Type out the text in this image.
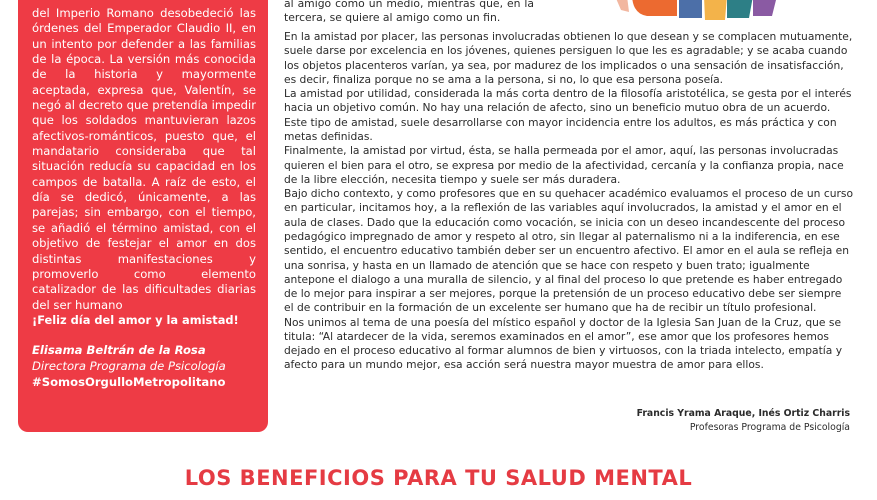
del Imperio Romano desobedeció las órdenes del Emperador Claudio II, en un intento por defender a las familias de la época. La versión más conocida de la historia y mayormente aceptada, expresa que, Valentín, se negó al decreto que pretendía impedir que los soldados mantuvieran lazos afectivos-románticos, puesto que, el mandatario consideraba que tal situación reducía su capacidad en los campos de batalla. A raíz de esto, el día se dedicó, únicamente, a las parejas; sin embargo, con el tiempo, se añadió el término amistad, con el objetivo de festejar el amor en dos distintas manifestaciones y promoverlo como elemento catalizador de las dificultades diarias del ser humano

¡Feliz día del amor y la amistad!

Elisama Beltrán de la Rosa
Directora Programa de Psicología
#SomosOrgulloMetropolitano
al amigo como un medio, mientras que, en la
tercera, se quiere al amigo como un fin.

En la amistad por placer, las personas involucradas obtienen lo que desean y se complacen mutuamente, suele darse por excelencia en los jóvenes, quienes persiguen lo que les es agradable; y se acaba cuando los objetos placenteros varían, ya sea, por madurez de los implicados o una sensación de insatisfacción, es decir, finaliza porque no se ama a la persona, si no, lo que esa persona poseía.

La amistad por utilidad, considerada la más corta dentro de la filosofía aristotélica, se gesta por el interés hacia un objetivo común. No hay una relación de afecto, sino un beneficio mutuo obra de un acuerdo. Este tipo de amistad, suele desarrollarse con mayor incidencia entre los adultos, es más práctica y con metas definidas.

Finalmente, la amistad por virtud, ésta, se halla permeada por el amor, aquí, las personas involucradas quieren el bien para el otro, se expresa por medio de la afectividad, cercanía y la confianza propia, nace de la libre elección, necesita tiempo y suele ser más duradera.

Bajo dicho contexto, y como profesores que en su quehacer académico evaluamos el proceso de un curso en particular, incitamos hoy, a la reflexión de las variables aquí involucrados, la amistad y el amor en el aula de clases. Dado que la educación como vocación, se inicia con un deseo incandescente del proceso pedagógico impregnado de amor y respeto al otro, sin llegar al paternalismo ni a la indiferencia, en ese sentido, el encuentro educativo también deber ser un encuentro afectivo. El amor en el aula se refleja en una sonrisa, y hasta en un llamado de atención que se hace con respeto y buen trato; igualmente antepone el dialogo a una muralla de silencio, y al final del proceso lo que pretende es haber entregado de lo mejor para inspirar a ser mejores, porque la pretensión de un proceso educativo debe ser siempre el de contribuir en la formación de un excelente ser humano que ha de recibir un título profesional.

Nos unimos al tema de una poesía del místico español y doctor de la Iglesia San Juan de la Cruz, que se titula: “Al atardecer de la vida, seremos examinados en el amor”, ese amor que los profesores hemos dejado en el proceso educativo al formar alumnos de bien y virtuosos, con la triada intelecto, empatía y afecto para un mundo mejor, esa acción será nuestra mayor muestra de amor para ellos.

Francis Yrama Araque, Inés Ortiz Charris
Profesoras Programa de Psicología
LOS BENEFICIOS PARA TU SALUD MENTAL
